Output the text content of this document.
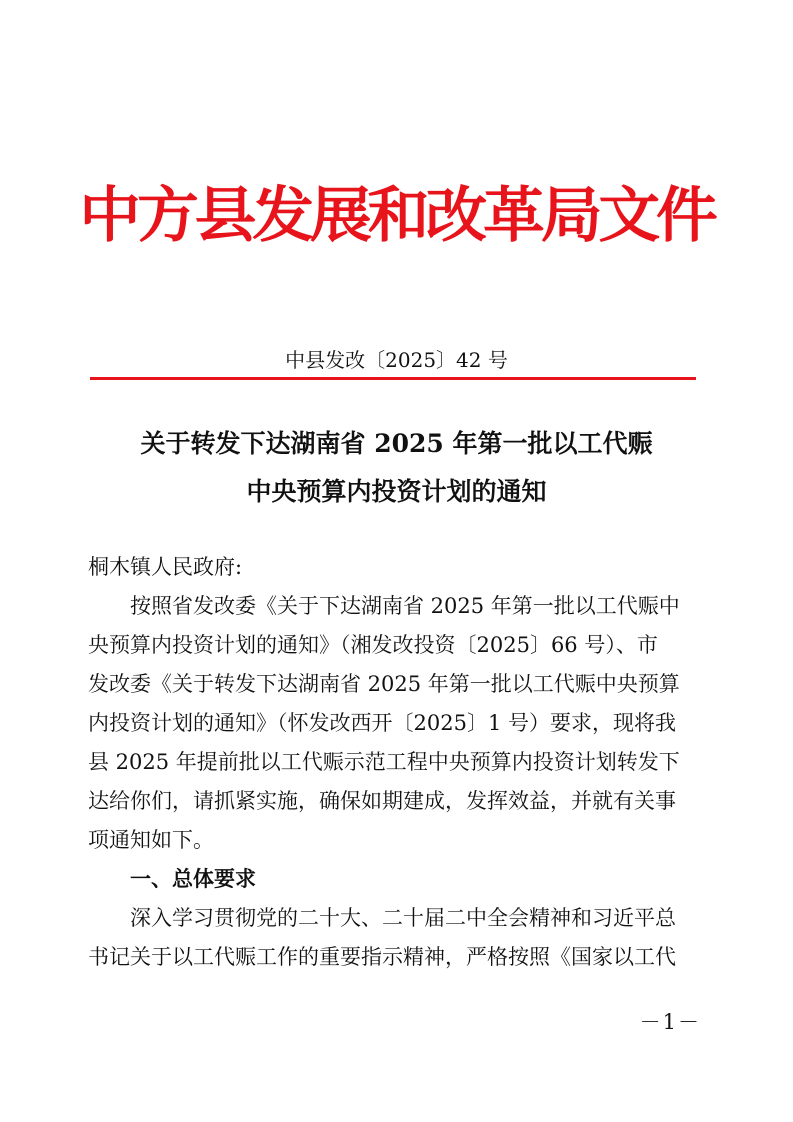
中方县发展和改革局文件
中县发改〔2025〕42 号
关于转发下达湖南省 2025 年第一批以工代赈
中央预算内投资计划的通知
桐木镇人民政府:
按照省发改委《关于下达湖南省 2025 年第一批以工代赈中
央预算内投资计划的通知》（湘发改投资〔2025〕66 号）、市
发改委《关于转发下达湖南省 2025 年第一批以工代赈中央预算
内投资计划的通知》（怀发改西开〔2025〕1 号）要求，现将我
县 2025 年提前批以工代赈示范工程中央预算内投资计划转发下
达给你们，请抓紧实施，确保如期建成，发挥效益，并就有关事
项通知如下。
一、总体要求
深入学习贯彻党的二十大、二十届二中全会精神和习近平总
书记关于以工代赈工作的重要指示精神，严格按照《国家以工代
－1－
